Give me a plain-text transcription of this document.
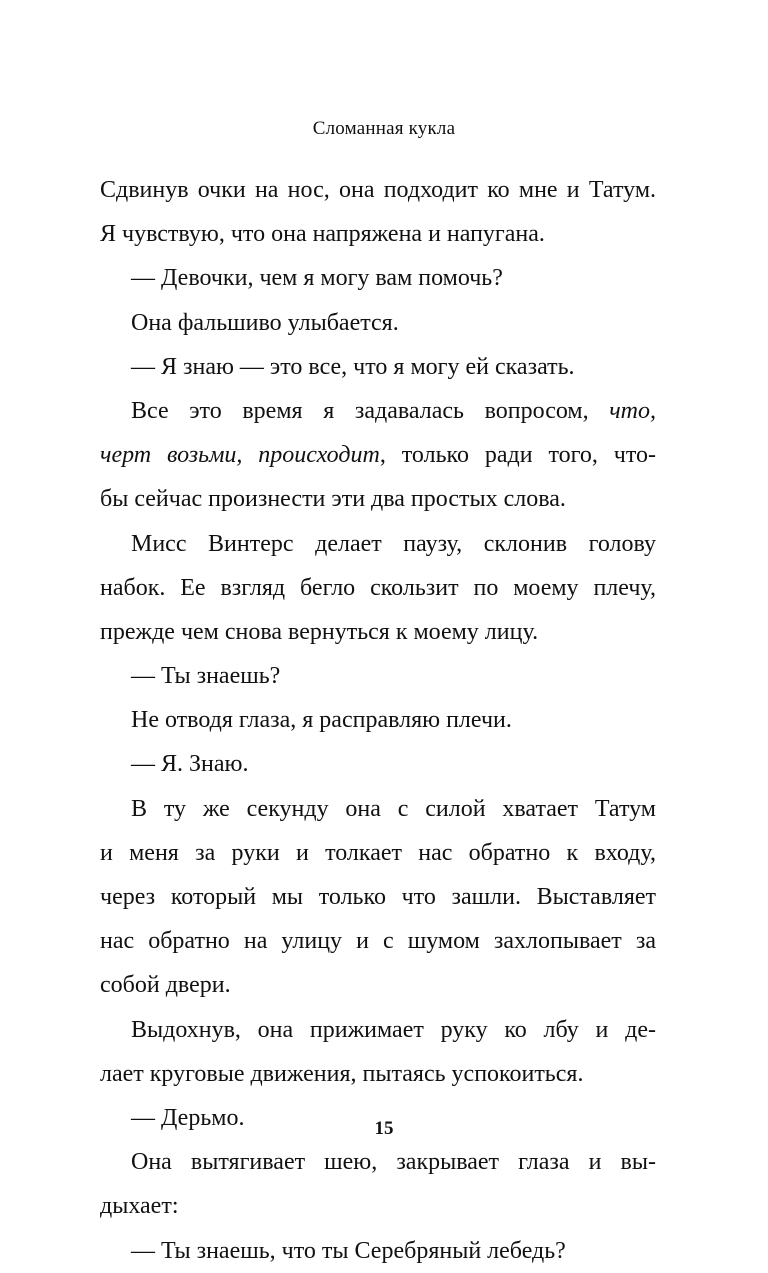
Сломанная кукла
Сдвинув очки на нос, она подходит ко мне и Татум.
Я чувствую, что она напряжена и напугана.
— Девочки, чем я могу вам помочь?
Она фальшиво улыбается.
— Я знаю — это все, что я могу ей сказать.
Все это время я задавалась вопросом, что,
черт возьми, происходит, только ради того, что-
бы сейчас произнести эти два простых слова.
Мисс Винтерс делает паузу, склонив голову
набок. Ее взгляд бегло скользит по моему плечу,
прежде чем снова вернуться к моему лицу.
— Ты знаешь?
Не отводя глаза, я расправляю плечи.
— Я. Знаю.
В ту же секунду она с силой хватает Татум
и меня за руки и толкает нас обратно к входу,
через который мы только что зашли. Выставляет
нас обратно на улицу и с шумом захлопывает за
собой двери.
Выдохнув, она прижимает руку ко лбу и де-
лает круговые движения, пытаясь успокоиться.
— Дерьмо.
Она вытягивает шею, закрывает глаза и вы-
дыхает:
— Ты знаешь, что ты Серебряный лебедь?
15
